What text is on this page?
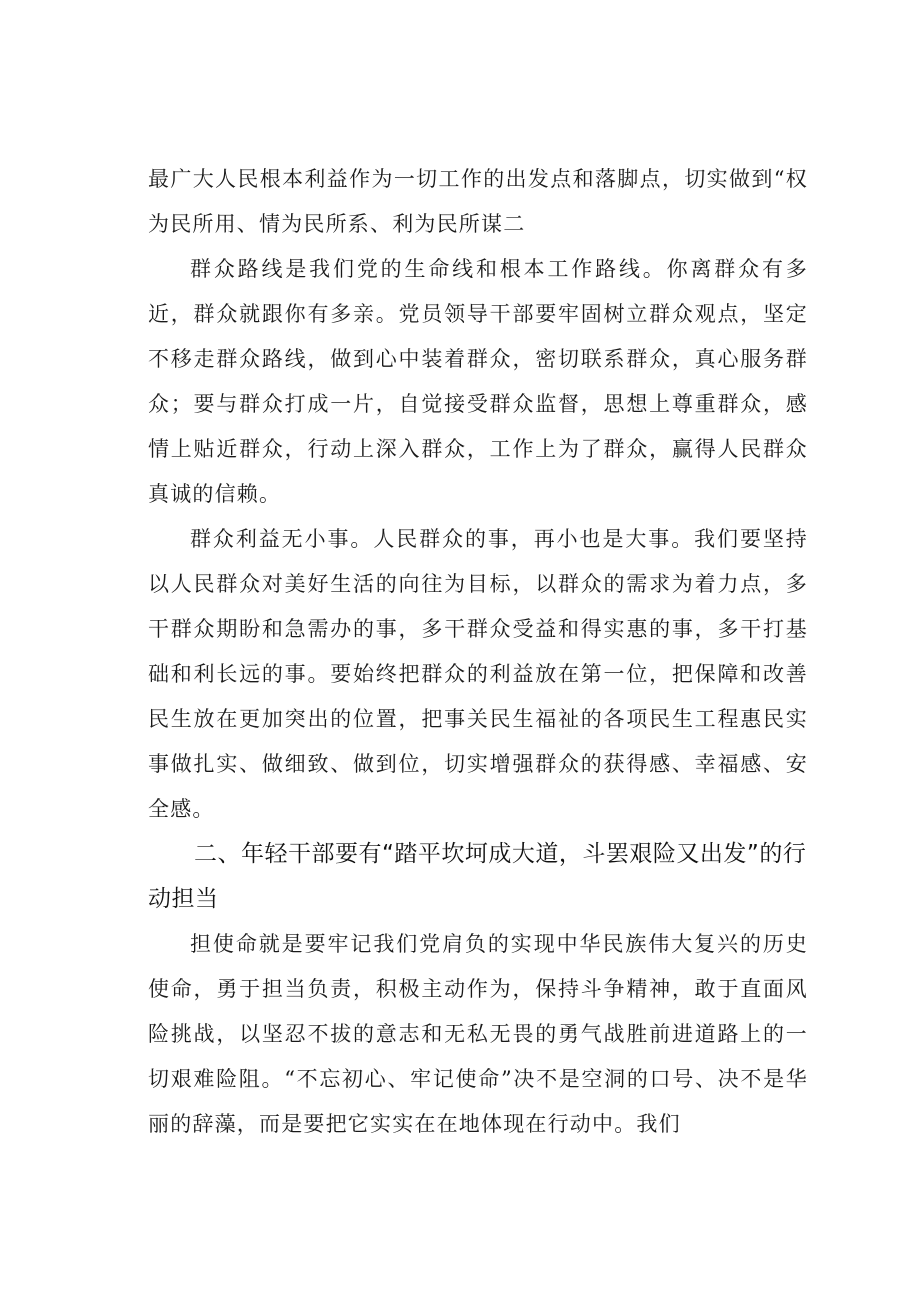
最广大人民根本利益作为一切工作的出发点和落脚点，切实做到“权为民所用、情为民所系、利为民所谋二

群众路线是我们党的生命线和根本工作路线。你离群众有多近，群众就跟你有多亲。党员领导干部要牢固树立群众观点，坚定不移走群众路线，做到心中装着群众，密切联系群众，真心服务群众；要与群众打成一片，自觉接受群众监督，思想上尊重群众，感情上贴近群众，行动上深入群众，工作上为了群众，赢得人民群众真诚的信赖。

群众利益无小事。人民群众的事，再小也是大事。我们要坚持以人民群众对美好生活的向往为目标，以群众的需求为着力点，多干群众期盼和急需办的事，多干群众受益和得实惠的事，多干打基础和利长远的事。要始终把群众的利益放在第一位，把保障和改善民生放在更加突出的位置，把事关民生福祉的各项民生工程惠民实事做扎实、做细致、做到位，切实增强群众的获得感、幸福感、安全感。

二、年轻干部要有“踏平坎坷成大道，斗罢艰险又出发”的行动担当

担使命就是要牢记我们党肩负的实现中华民族伟大复兴的历史使命，勇于担当负责，积极主动作为，保持斗争精神，敢于直面风险挑战，以坚忍不拔的意志和无私无畏的勇气战胜前进道路上的一切艰难险阻。“不忘初心、牢记使命”决不是空洞的口号、决不是华丽的辞藻，而是要把它实实在在地体现在行动中。我们
